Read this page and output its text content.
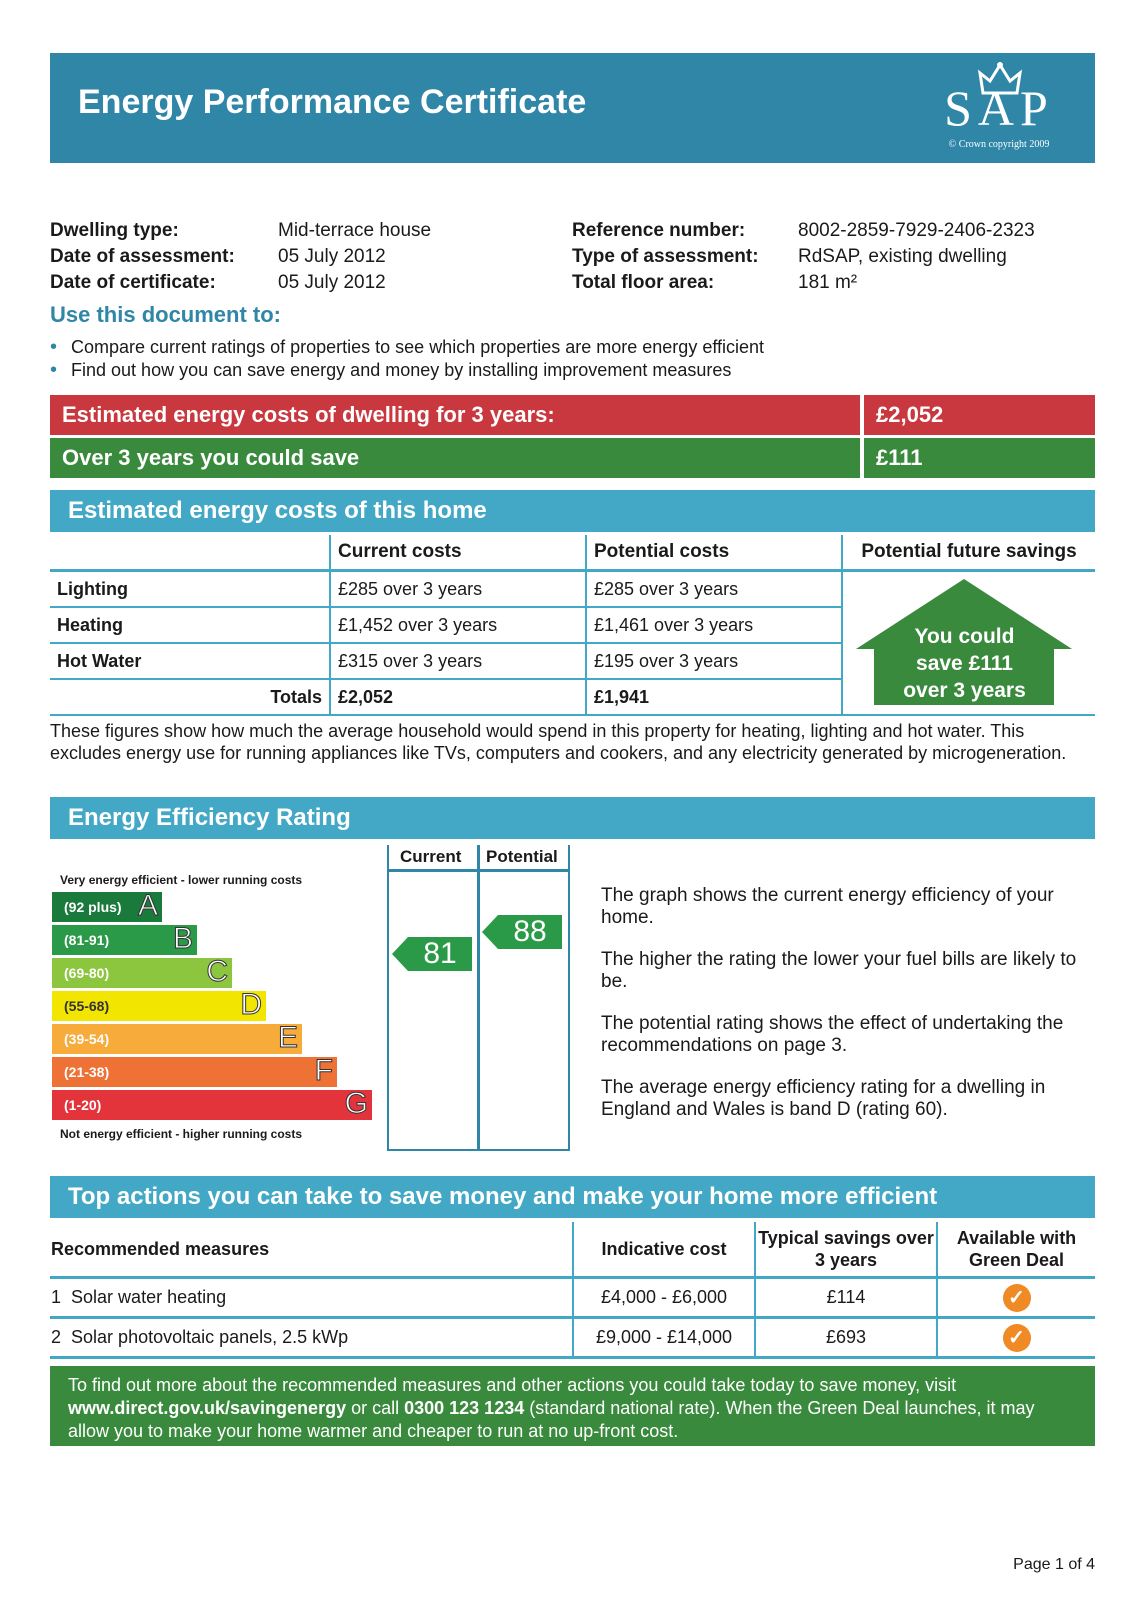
Energy Performance Certificate	SAP
© Crown copyright 2009
Dwelling type:	Mid-terrace house
Date of assessment: 05 July 2012
Date of certificate:	05 July 2012
Reference number:	8002-2859-7929-2406-2323
Type of assessment: RdSAP, existing dwelling
Total floor area:	181 m²
Use this document to:
• Compare current ratings of properties to see which properties are more energy efficient
• Find out how you can save energy and money by installing improvement measures
Estimated energy costs of dwelling for 3 years:	£2,052
Over 3 years you could save	£111
Estimated energy costs of this home
	Current costs	Potential costs	Potential future savings
Lighting	£285 over 3 years	£285 over 3 years	
Heating	£1,452 over 3 years	£1,461 over 3 years	
Hot Water	£315 over 3 years	£195 over 3 years	
Totals	£2,052	£1,941	
You could
save £111
over 3 years
These figures show how much the average household would spend in this property for heating, lighting and hot water. This excludes energy use for running appliances like TVs, computers and cookers, and any electricity generated by microgeneration.
Energy Efficiency Rating
Current Potential
Very energy efficient - lower running costs
(92 plus) A
(81-91) B
(69-80)	C
(55-68)	D
(39-54)	E
(21-38)	F
(1-20)	G
Not energy efficient - higher running costs
81
88

The graph shows the current energy efficiency of your home.

The higher the rating the lower your fuel bills are likely to be.

The potential rating shows the effect of undertaking the recommendations on page 3.

The average energy efficiency rating for a dwelling in England and Wales is band D (rating 60).

Top actions you can take to save money and make your home more efficient
Recommended measures	Indicative cost	Typical savings over 3 years	Available with Green Deal
1 Solar water heating	£4,000 - £6,000	£114	✓
2 Solar photovoltaic panels, 2.5 kWp	£9,000 - £14,000	£693	✓
To find out more about the recommended measures and other actions you could take today to save money, visit www.direct.gov.uk/savingenergy or call 0300 123 1234 (standard national rate). When the Green Deal launches, it may allow you to make your home warmer and cheaper to run at no up-front cost.
Page 1 of 4
